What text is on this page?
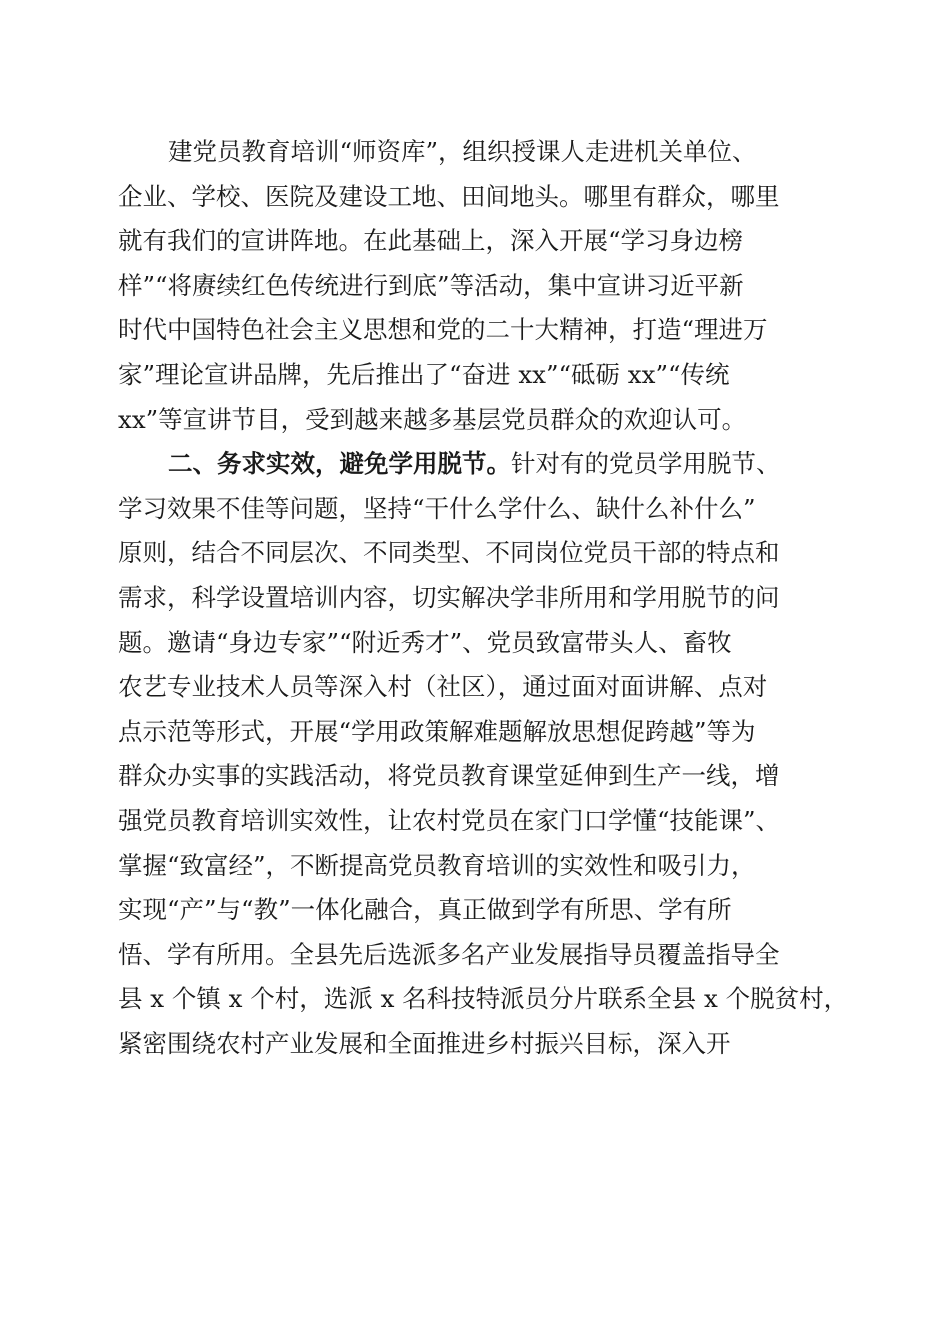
建党员教育培训“师资库”，组织授课人走进机关单位、
企业、学校、医院及建设工地、田间地头。哪里有群众，哪里
就有我们的宣讲阵地。在此基础上，深入开展“学习身边榜
样”“将赓续红色传统进行到底”等活动，集中宣讲习近平新
时代中国特色社会主义思想和党的二十大精神，打造“理进万
家”理论宣讲品牌，先后推出了“奋进 xx”“砥砺 xx”“传统
xx”等宣讲节目，受到越来越多基层党员群众的欢迎认可。
二、务求实效，避免学用脱节。针对有的党员学用脱节、
学习效果不佳等问题，坚持“干什么学什么、缺什么补什么”
原则，结合不同层次、不同类型、不同岗位党员干部的特点和
需求，科学设置培训内容，切实解决学非所用和学用脱节的问
题。邀请“身边专家”“附近秀才”、党员致富带头人、畜牧
农艺专业技术人员等深入村（社区），通过面对面讲解、点对
点示范等形式，开展“学用政策解难题解放思想促跨越”等为
群众办实事的实践活动，将党员教育课堂延伸到生产一线，增
强党员教育培训实效性，让农村党员在家门口学懂“技能课”、
掌握“致富经”，不断提高党员教育培训的实效性和吸引力，
实现“产”与“教”一体化融合，真正做到学有所思、学有所
悟、学有所用。全县先后选派多名产业发展指导员覆盖指导全
县 x 个镇 x 个村，选派 x 名科技特派员分片联系全县 x 个脱贫村，
紧密围绕农村产业发展和全面推进乡村振兴目标，深入开
